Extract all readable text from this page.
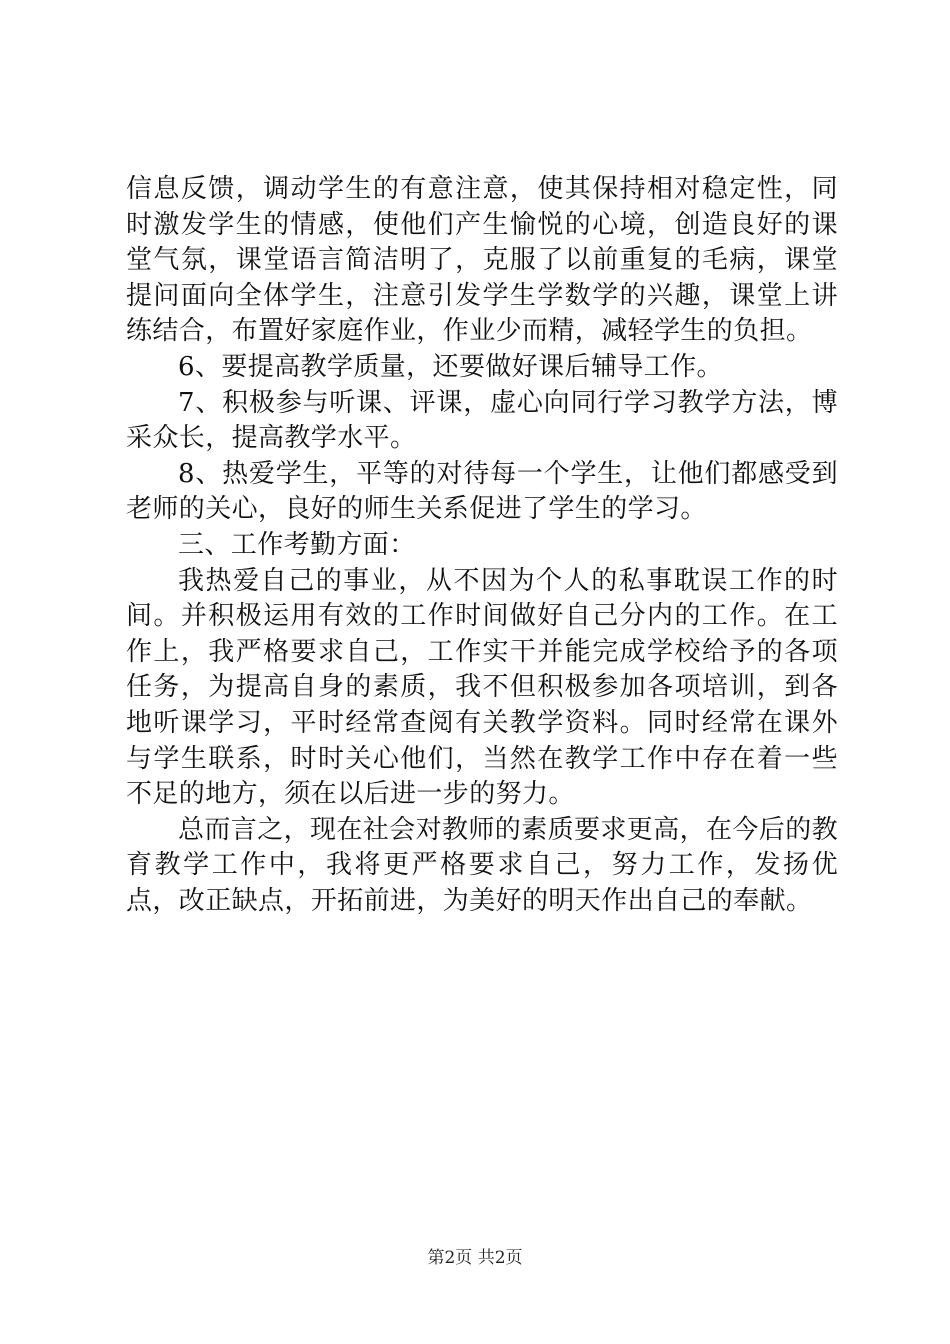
信息反馈，调动学生的有意注意，使其保持相对稳定性，同时激发学生的情感，使他们产生愉悦的心境，创造良好的课堂气氛，课堂语言简洁明了，克服了以前重复的毛病，课堂提问面向全体学生，注意引发学生学数学的兴趣，课堂上讲练结合，布置好家庭作业，作业少而精，减轻学生的负担。

6、要提高教学质量，还要做好课后辅导工作。

7、积极参与听课、评课，虚心向同行学习教学方法，博采众长，提高教学水平。

8、热爱学生，平等的对待每一个学生，让他们都感受到老师的关心，良好的师生关系促进了学生的学习。

三、工作考勤方面：

我热爱自己的事业，从不因为个人的私事耽误工作的时间。并积极运用有效的工作时间做好自己分内的工作。在工作上，我严格要求自己，工作实干并能完成学校给予的各项任务，为提高自身的素质，我不但积极参加各项培训，到各地听课学习，平时经常查阅有关教学资料。同时经常在课外与学生联系，时时关心他们，当然在教学工作中存在着一些不足的地方，须在以后进一步的努力。

总而言之，现在社会对教师的素质要求更高，在今后的教育教学工作中，我将更严格要求自己，努力工作，发扬优点，改正缺点，开拓前进，为美好的明天作出自己的奉献。

第2页 共2页
